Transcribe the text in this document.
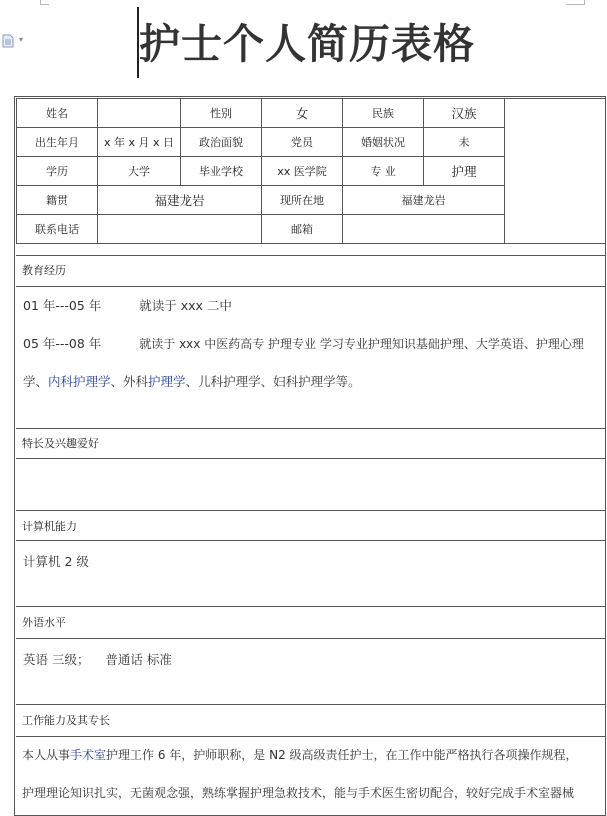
▾	护士个人简历表格
姓名		性别	女	民族	汉族	
出生年月	x 年 x 月 x 日	政治面貌	党员	婚姻状况	未	
学历	大学	毕业学校	xx 医学院	专 业	护理	
籍贯	福建龙岩		现所在地	福建龙岩		
联系电话			邮箱			
教育经历
01 年---05 年	就读于 xxx 二中
05 年---08 年	就读于 xxx 中医药高专 护理专业 学习专业护理知识基础护理、大学英语、护理心理
学、内科护理学、外科护理学、儿科护理学、妇科护理学等。
特长及兴趣爱好
计算机能力
计算机 2 级
外语水平
英语 三级；    普通话 标准
工作能力及其专长
本人从事手术室护理工作 6 年，护师职称，是 N2 级高级责任护士，在工作中能严格执行各项操作规程，
护理理论知识扎实，无菌观念强，熟练掌握护理急救技术，能与手术医生密切配合，较好完成手术室器械
